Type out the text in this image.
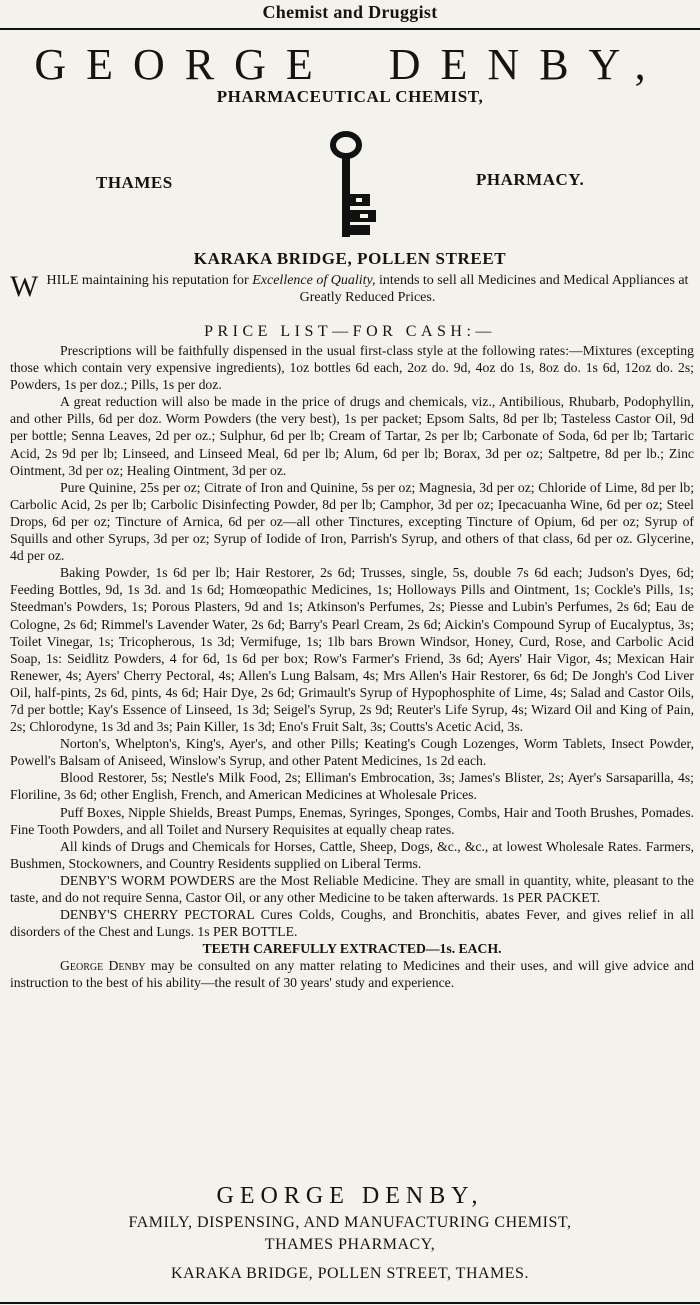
Chemist and Druggist
GEORGE DENBY,
PHARMACEUTICAL CHEMIST,
THAMES	PHARMACY.
KARAKA BRIDGE, POLLEN STREET
W HILE maintaining his reputation for Excellence of Quality, intends to sell all Medicines and Medical Appliances at Greatly Reduced Prices.
PRICE LIST—FOR CASH:—

Prescriptions will be faithfully dispensed in the usual first-class style at the following rates:—Mixtures (excepting those which contain very expensive ingredients), 1oz bottles 6d each, 2oz do. 9d, 4oz do 1s, 8oz do. 1s 6d, 12oz do. 2s; Powders, 1s per doz.; Pills, 1s per doz.

A great reduction will also be made in the price of drugs and chemicals, viz., Antibilious, Rhubarb, Podophyllin, and other Pills, 6d per doz. Worm Powders (the very best), 1s per packet; Epsom Salts, 8d per lb; Tasteless Castor Oil, 9d per bottle; Senna Leaves, 2d per oz.; Sulphur, 6d per lb; Cream of Tartar, 2s per lb; Carbonate of Soda, 6d per lb; Tartaric Acid, 2s 9d per lb; Linseed, and Linseed Meal, 6d per lb; Alum, 6d per lb; Borax, 3d per oz; Saltpetre, 8d per lb.; Zinc Ointment, 3d per oz; Healing Ointment, 3d per oz.

Pure Quinine, 25s per oz; Citrate of Iron and Quinine, 5s per oz; Magnesia, 3d per oz; Chloride of Lime, 8d per lb; Carbolic Acid, 2s per lb; Carbolic Disinfecting Powder, 8d per lb; Camphor, 3d per oz; Ipecacuanha Wine, 6d per oz; Steel Drops, 6d per oz; Tincture of Arnica, 6d per oz—all other Tinctures, excepting Tincture of Opium, 6d per oz; Syrup of Squills and other Syrups, 3d per oz; Syrup of Iodide of Iron, Parrish's Syrup, and others of that class, 6d per oz. Glycerine, 4d per oz.

Baking Powder, 1s 6d per lb; Hair Restorer, 2s 6d; Trusses, single, 5s, double 7s 6d each; Judson's Dyes, 6d; Feeding Bottles, 9d, 1s 3d. and 1s 6d; Homœopathic Medicines, 1s; Holloways Pills and Ointment, 1s; Cockle's Pills, 1s; Steedman's Powders, 1s; Porous Plasters, 9d and 1s; Atkinson's Perfumes, 2s; Piesse and Lubin's Perfumes, 2s 6d; Eau de Cologne, 2s 6d; Rimmel's Lavender Water, 2s 6d; Barry's Pearl Cream, 2s 6d; Aickin's Compound Syrup of Eucalyptus, 3s; Toilet Vinegar, 1s; Tricopherous, 1s 3d; Vermifuge, 1s; 1lb bars Brown Windsor, Honey, Curd, Rose, and Carbolic Acid Soap, 1s: Seidlitz Powders, 4 for 6d, 1s 6d per box; Row's Farmer's Friend, 3s 6d; Ayers' Hair Vigor, 4s; Mexican Hair Renewer, 4s; Ayers' Cherry Pectoral, 4s; Allen's Lung Balsam, 4s; Mrs Allen's Hair Restorer, 6s 6d; De Jongh's Cod Liver Oil, half-pints, 2s 6d, pints, 4s 6d; Hair Dye, 2s 6d; Grimault's Syrup of Hypophosphite of Lime, 4s; Salad and Castor Oils, 7d per bottle; Kay's Essence of Linseed, 1s 3d; Seigel's Syrup, 2s 9d; Reuter's Life Syrup, 4s; Wizard Oil and King of Pain, 2s; Chlorodyne, 1s 3d and 3s; Pain Killer, 1s 3d; Eno's Fruit Salt, 3s; Coutts's Acetic Acid, 3s.

Norton's, Whelpton's, King's, Ayer's, and other Pills; Keating's Cough Lozenges, Worm Tablets, Insect Powder, Powell's Balsam of Aniseed, Winslow's Syrup, and other Patent Medicines, 1s 2d each.

Blood Restorer, 5s; Nestle's Milk Food, 2s; Elliman's Embrocation, 3s; James's Blister, 2s; Ayer's Sarsaparilla, 4s; Floriline, 3s 6d; other English, French, and American Medicines at Wholesale Prices.

Puff Boxes, Nipple Shields, Breast Pumps, Enemas, Syringes, Sponges, Combs, Hair and Tooth Brushes, Pomades. Fine Tooth Powders, and all Toilet and Nursery Requisites at equally cheap rates.

All kinds of Drugs and Chemicals for Horses, Cattle, Sheep, Dogs, &c., &c., at lowest Wholesale Rates. Farmers, Bushmen, Stockowners, and Country Residents supplied on Liberal Terms.

DENBY'S WORM POWDERS are the Most Reliable Medicine. They are small in quantity, white, pleasant to the taste, and do not require Senna, Castor Oil, or any other Medicine to be taken afterwards. 1s PER PACKET.

DENBY'S CHERRY PECTORAL Cures Colds, Coughs, and Bronchitis, abates Fever, and gives relief in all disorders of the Chest and Lungs. 1s PER BOTTLE.

TEETH CAREFULLY EXTRACTED—1s. EACH.

George Denby may be consulted on any matter relating to Medicines and their uses, and will give advice and instruction to the best of his ability—the result of 30 years' study and experience.

GEORGE DENBY,
FAMILY, DISPENSING, AND MANUFACTURING CHEMIST,
THAMES PHARMACY,
KARAKA BRIDGE, POLLEN STREET, THAMES.
